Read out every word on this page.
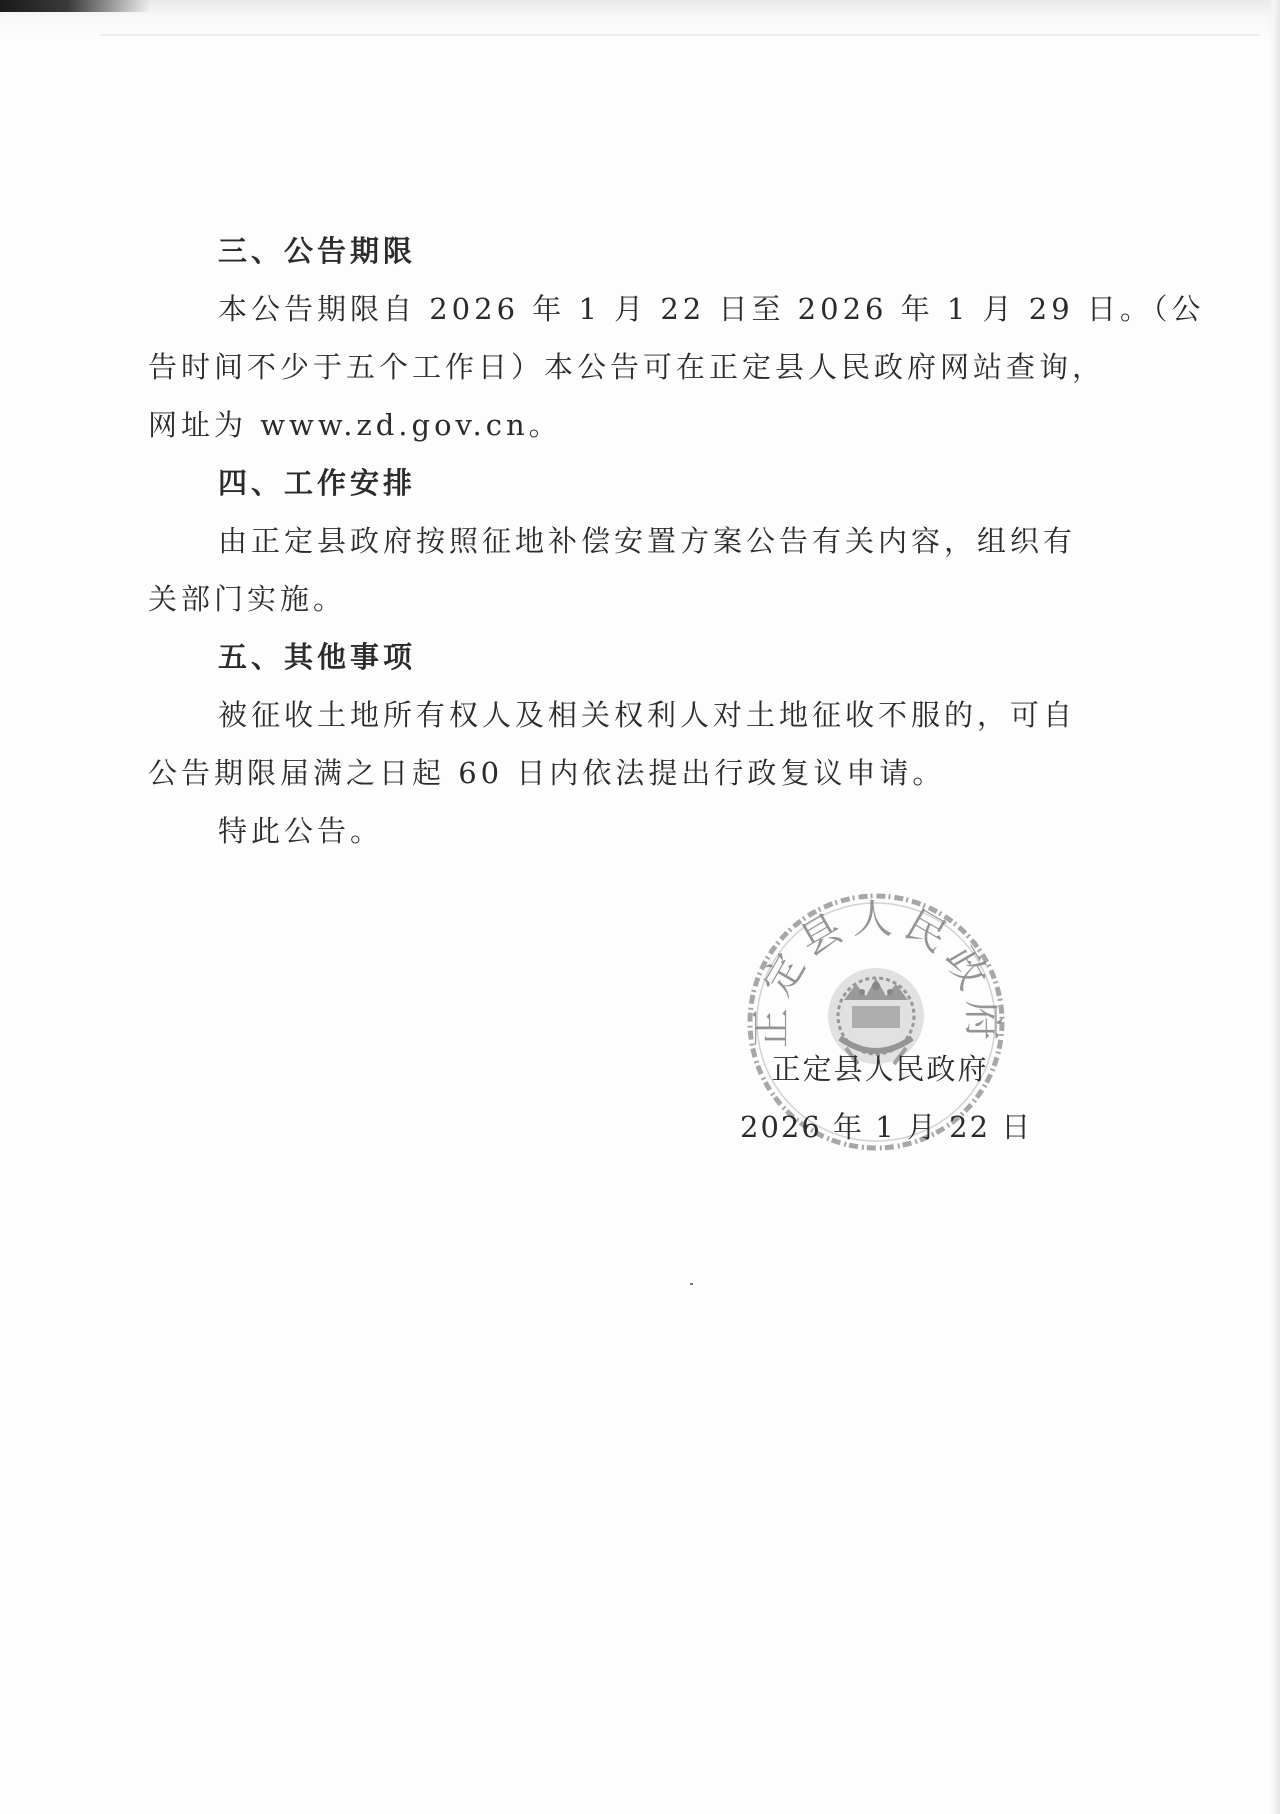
三、公告期限
本公告期限自 2026 年 1 月 22 日至 2026 年 1 月 29 日。（公
告时间不少于五个工作日）本公告可在正定县人民政府网站查询，
网址为 www.zd.gov.cn。
四、工作安排
由正定县政府按照征地补偿安置方案公告有关内容，组织有
关部门实施。
五、其他事项
被征收土地所有权人及相关权利人对土地征收不服的，可自
公告期限届满之日起 60 日内依法提出行政复议申请。
特此公告。
正定县人民政府
正定县人民政府
2026 年 1 月 22 日
